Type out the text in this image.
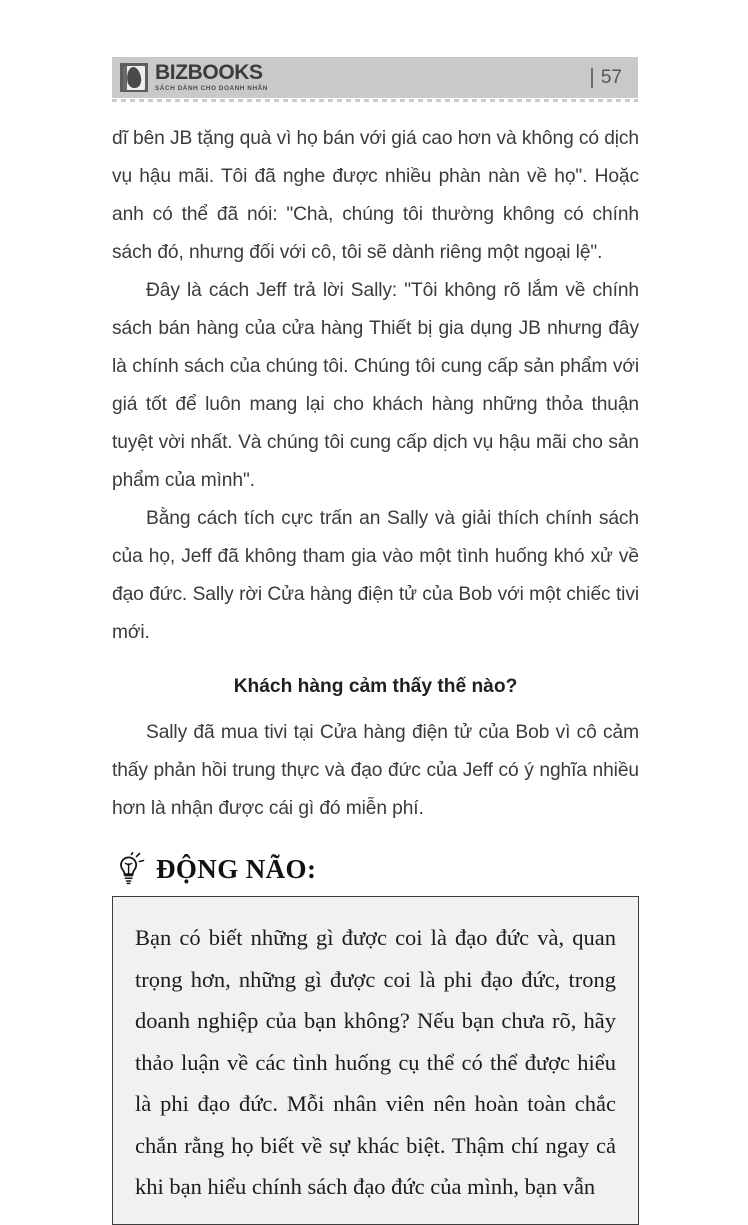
BIZBOOKS
SÁCH DÀNH CHO DOANH NHÂN
57

dĩ bên JB tặng quà vì họ bán với giá cao hơn và không có dịch vụ hậu mãi. Tôi đã nghe được nhiều phàn nàn về họ". Hoặc anh có thể đã nói: "Chà, chúng tôi thường không có chính sách đó, nhưng đối với cô, tôi sẽ dành riêng một ngoại lệ".

Đây là cách Jeff trả lời Sally: "Tôi không rõ lắm về chính sách bán hàng của cửa hàng Thiết bị gia dụng JB nhưng đây là chính sách của chúng tôi. Chúng tôi cung cấp sản phẩm với giá tốt để luôn mang lại cho khách hàng những thỏa thuận tuyệt vời nhất. Và chúng tôi cung cấp dịch vụ hậu mãi cho sản phẩm của mình".

Bằng cách tích cực trấn an Sally và giải thích chính sách của họ, Jeff đã không tham gia vào một tình huống khó xử về đạo đức. Sally rời Cửa hàng điện tử của Bob với một chiếc tivi mới.

Khách hàng cảm thấy thế nào?

Sally đã mua tivi tại Cửa hàng điện tử của Bob vì cô cảm thấy phản hồi trung thực và đạo đức của Jeff có ý nghĩa nhiều hơn là nhận được cái gì đó miễn phí.

ĐỘNG NÃO:

Bạn có biết những gì được coi là đạo đức và, quan trọng hơn, những gì được coi là phi đạo đức, trong doanh nghiệp của bạn không? Nếu bạn chưa rõ, hãy thảo luận về các tình huống cụ thể có thể được hiểu là phi đạo đức. Mỗi nhân viên nên hoàn toàn chắc chắn rằng họ biết về sự khác biệt. Thậm chí ngay cả khi bạn hiểu chính sách đạo đức của mình, bạn vẫn
